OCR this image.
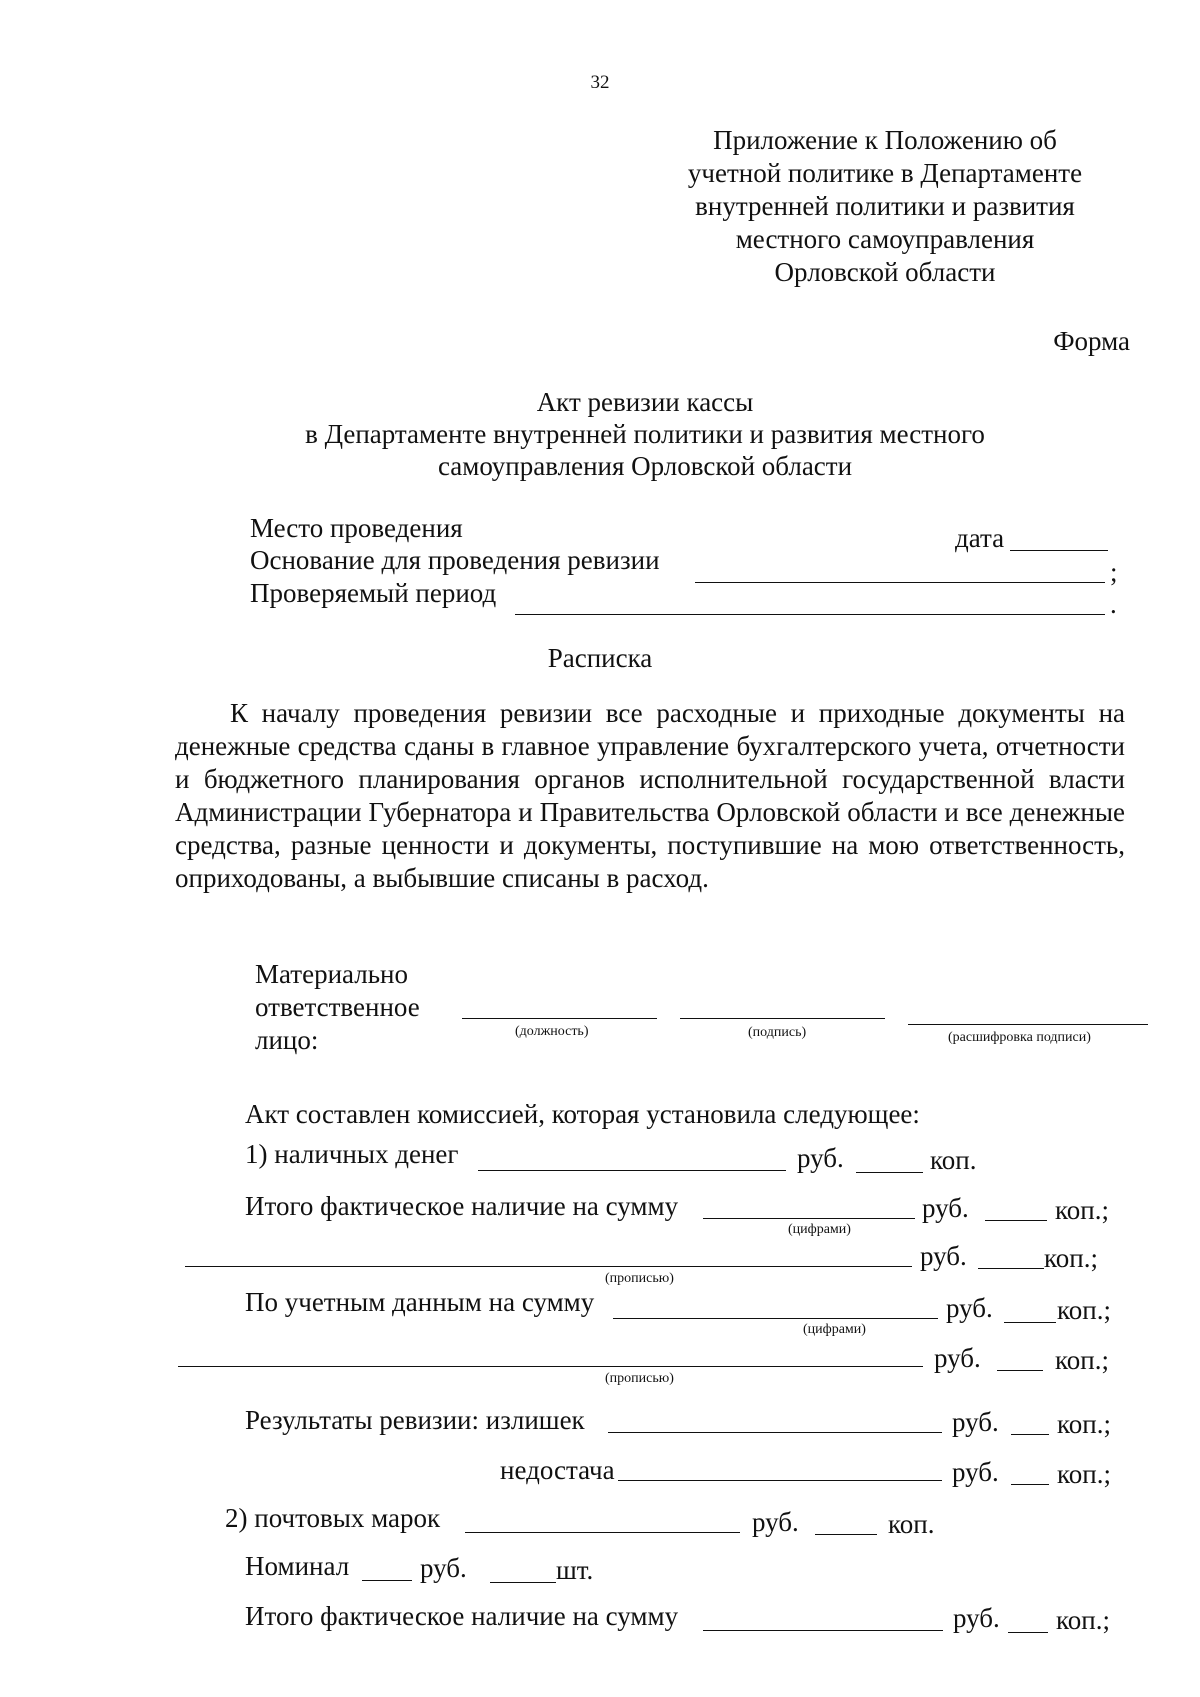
32
Приложение к Положению об
учетной политике в Департаменте
внутренней политики и развития
местного самоуправления
Орловской области
Форма
Акт ревизии кассы
в Департаменте внутренней политики и развития местного
самоуправления Орловской области
Место проведения	дата
Основание для проведения ревизии	;
Проверяемый период	.
Расписка
К началу проведения ревизии все расходные и приходные документы на денежные средства сданы в главное управление бухгалтерского учета, отчетности и бюджетного планирования органов исполнительной государственной власти Администрации Губернатора и Правительства Орловской области и все денежные средства, разные ценности и документы, поступившие на мою ответственность, оприходованы, а выбывшие списаны в расход.
Материально
ответственное
лицо:	(должность)	(подпись)	(расшифровка подписи)
Акт составлен комиссией, которая установила следующее:
1) наличных денег	руб.	коп.
Итого фактическое наличие на сумму
(цифрами)
руб.	коп.;
(прописью)
руб.	коп.;
По учетным данным на сумму
(цифрами)
руб. коп.;
(прописью)
руб.	коп.;
Результаты ревизии: излишек	руб. коп.;
недостача	руб. коп.;
2) почтовых марок	руб.	коп.
Номинал	руб.	шт.
Итого фактическое наличие на сумму	руб. коп.;
